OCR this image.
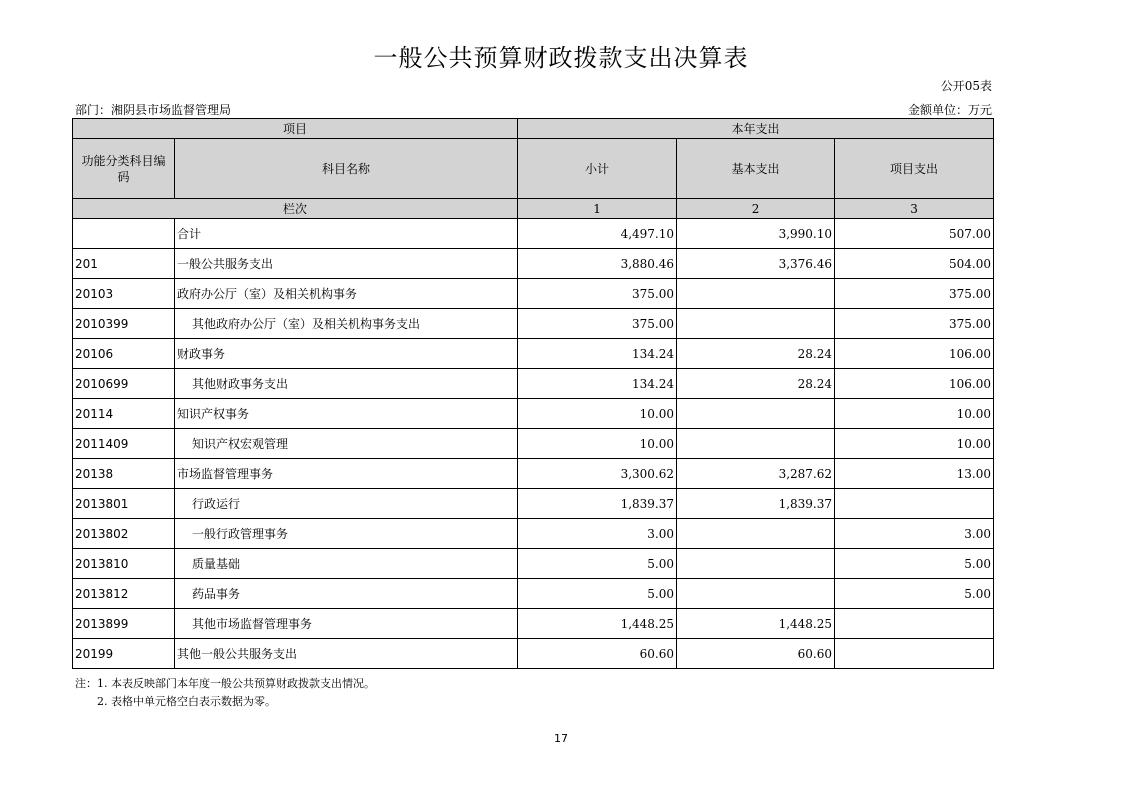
一般公共预算财政拨款支出决算表
公开05表
部门：湘阴县市场监督管理局	金额单位：万元
项目		本年支出		
功能分类科目编码	科目名称	小计	基本支出	项目支出
栏次		1	2	3
	合计	4,497.10	3,990.10	507.00
201	一般公共服务支出	3,880.46	3,376.46	504.00
20103	政府办公厅（室）及相关机构事务	375.00		375.00
2010399	其他政府办公厅（室）及相关机构事务支出	375.00		375.00
20106	财政事务	134.24	28.24	106.00
2010699	其他财政事务支出	134.24	28.24	106.00
20114	知识产权事务	10.00		10.00
2011409	知识产权宏观管理	10.00		10.00
20138	市场监督管理事务	3,300.62	3,287.62	13.00
2013801	行政运行	1,839.37	1,839.37	
2013802	一般行政管理事务	3.00		3.00
2013810	质量基础	5.00		5.00
2013812	药品事务	5.00		5.00
2013899	其他市场监督管理事务	1,448.25	1,448.25	
20199	其他一般公共服务支出	60.60	60.60	
注：1. 本表反映部门本年度一般公共预算财政拨款支出情况。
2. 表格中单元格空白表示数据为零。
17
